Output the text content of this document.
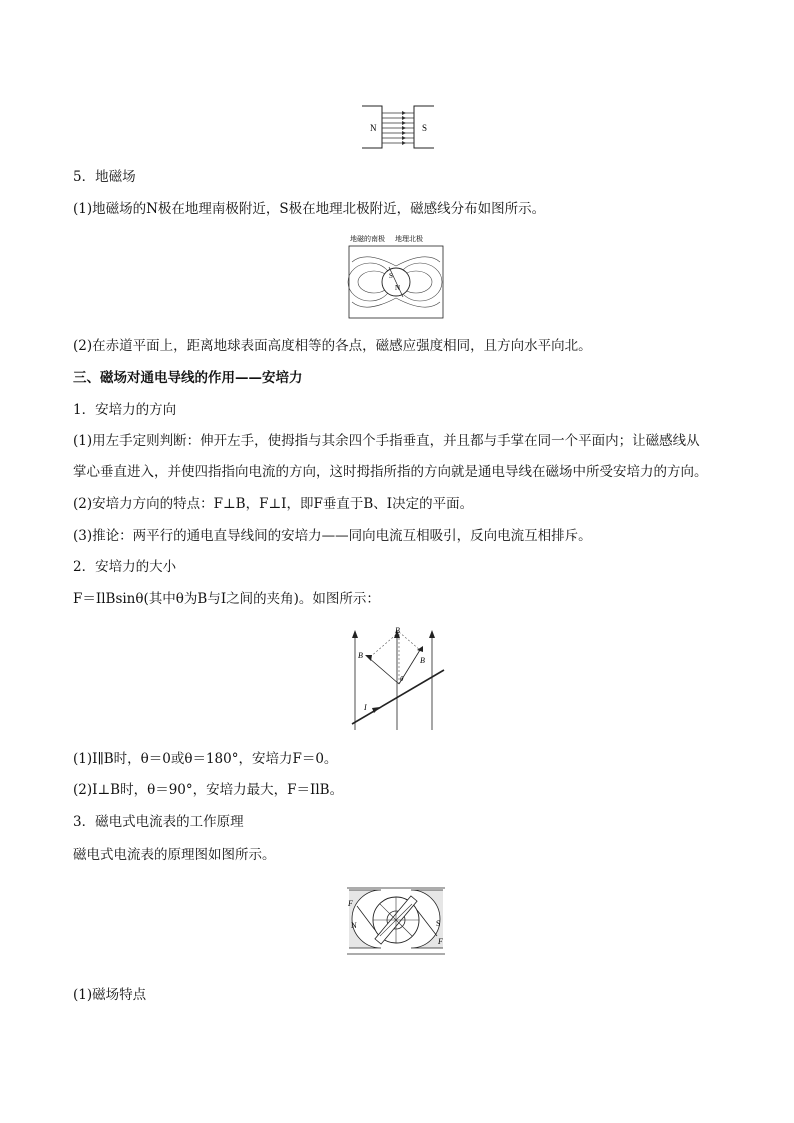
N	S
5．地磁场
(1)地磁场的N极在地理南极附近，S极在地理北极附近，磁感线分布如图所示。
地磁的南极 地理北极
S
N
(2)在赤道平面上，距离地球表面高度相等的各点，磁感应强度相同，且方向水平向北。
三、磁场对通电导线的作用——安培力
1．安培力的方向
(1)用左手定则判断：伸开左手，使拇指与其余四个手指垂直，并且都与手掌在同一个平面内；让磁感线从
掌心垂直进入，并使四指指向电流的方向，这时拇指所指的方向就是通电导线在磁场中所受安培力的方向。
(2)安培力方向的特点：F⊥B，F⊥I，即F垂直于B、I决定的平面。
(3)推论：两平行的通电直导线间的安培力——同向电流互相吸引，反向电流互相排斥。
2．安培力的大小
F＝IlBsinθ(其中θ为B与I之间的夹角)。如图所示：
B
B
B
θ
I
(1)I∥B时，θ＝0或θ＝180°，安培力F＝0。
(2)I⊥B时，θ＝90°，安培力最大，F＝IlB。
3．磁电式电流表的工作原理
磁电式电流表的原理图如图所示。
F
N	S
F
(1)磁场特点
